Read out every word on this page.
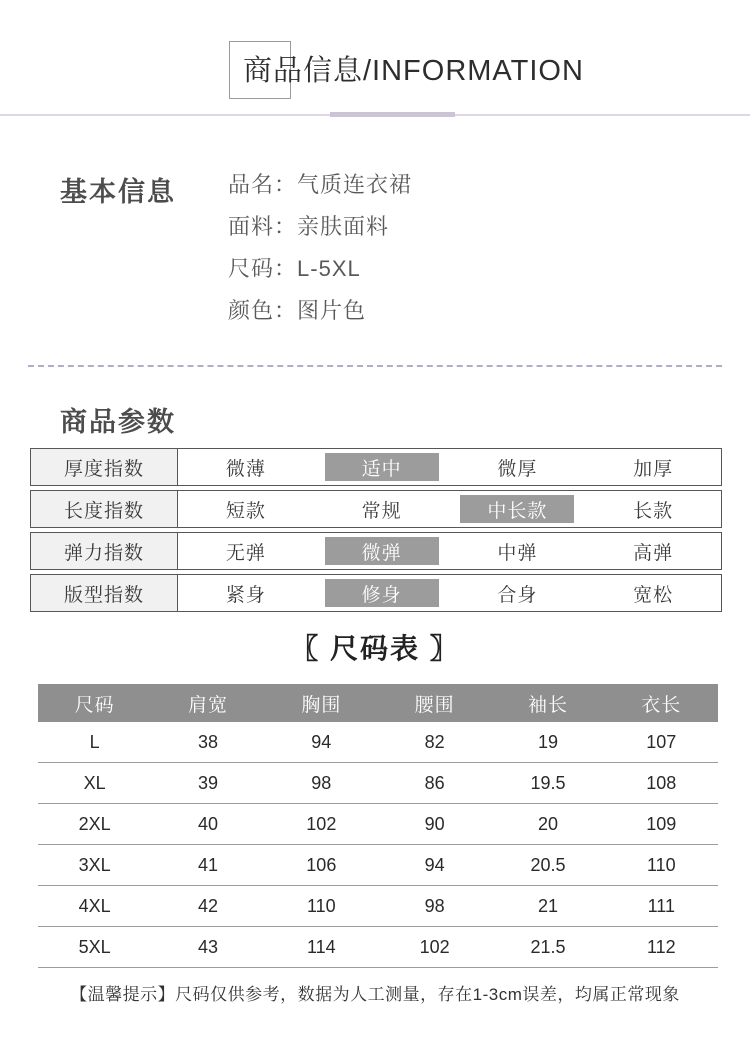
商品信息/INFORMATION
基本信息 品名：气质连衣裙
面料：亲肤面料
尺码：L-5XL
颜色：图片色
商品参数
厚度指数	微薄	适中	微厚	加厚
长度指数	短款	常规	中长款	长款
弹力指数	无弹	微弹	中弹	高弹
版型指数	紧身	修身	合身	宽松
〖 尺码表 〗
尺码	肩宽	胸围	腰围	袖长	衣长
L	38	94	82	19	107
XL	39	98	86	19.5	108
2XL	40	102	90	20	109
3XL	41	106	94	20.5	110
4XL	42	110	98	21	111
5XL	43	114	102	21.5	112
【温馨提示】尺码仅供参考，数据为人工测量，存在1-3cm误差，均属正常现象
